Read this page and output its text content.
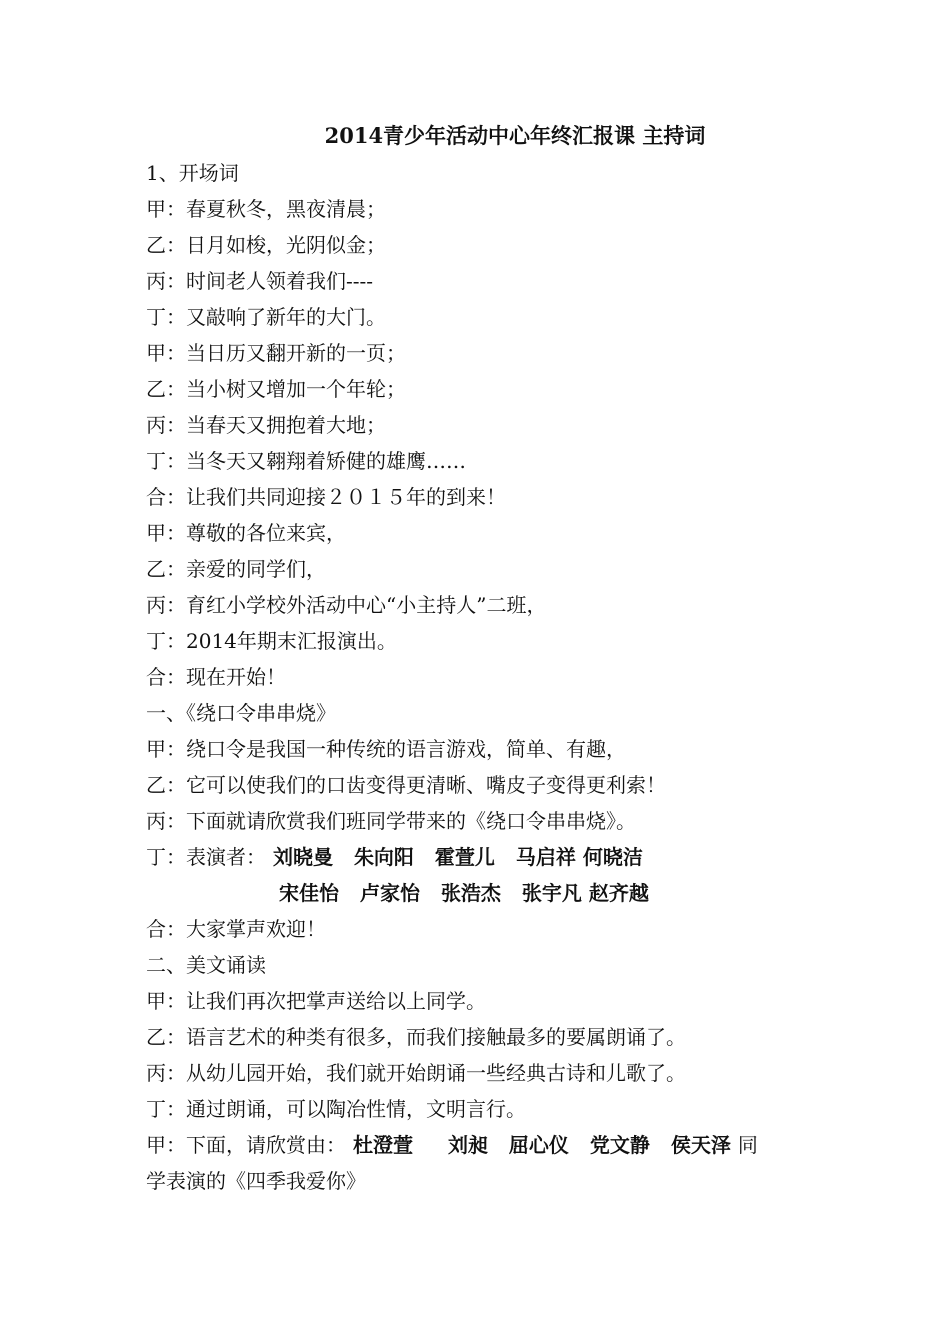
2014青少年活动中心年终汇报课 主持词
1、开场词
甲：春夏秋冬，黑夜清晨；
乙：日月如梭，光阴似金；
丙：时间老人领着我们----
丁：又敲响了新年的大门。
甲：当日历又翻开新的一页；
乙：当小树又增加一个年轮；
丙：当春天又拥抱着大地；
丁：当冬天又翱翔着矫健的雄鹰……
合：让我们共同迎接２０１５年的到来！
甲：尊敬的各位来宾，
乙：亲爱的同学们，
丙：育红小学校外活动中心“小主持人”二班，
丁：2014年期末汇报演出。
合：现在开始！
一、《绕口令串串烧》
甲：绕口令是我国一种传统的语言游戏，简单、有趣，
乙：它可以使我们的口齿变得更清晰、嘴皮子变得更利索！
丙：下面就请欣赏我们班同学带来的《绕口令串串烧》。
丁：表演者： 刘晓曼 朱向阳 霍萱儿 马启祥 何晓洁
宋佳怡 卢家怡 张浩杰 张宇凡 赵齐越
合：大家掌声欢迎！
二、美文诵读
甲：让我们再次把掌声送给以上同学。
乙：语言艺术的种类有很多，而我们接触最多的要属朗诵了。
丙：从幼儿园开始，我们就开始朗诵一些经典古诗和儿歌了。
丁：通过朗诵，可以陶冶性情，文明言行。
甲：下面，请欣赏由： 杜澄萱 刘昶 屈心仪 党文静 侯天泽 同
学表演的《四季我爱你》
